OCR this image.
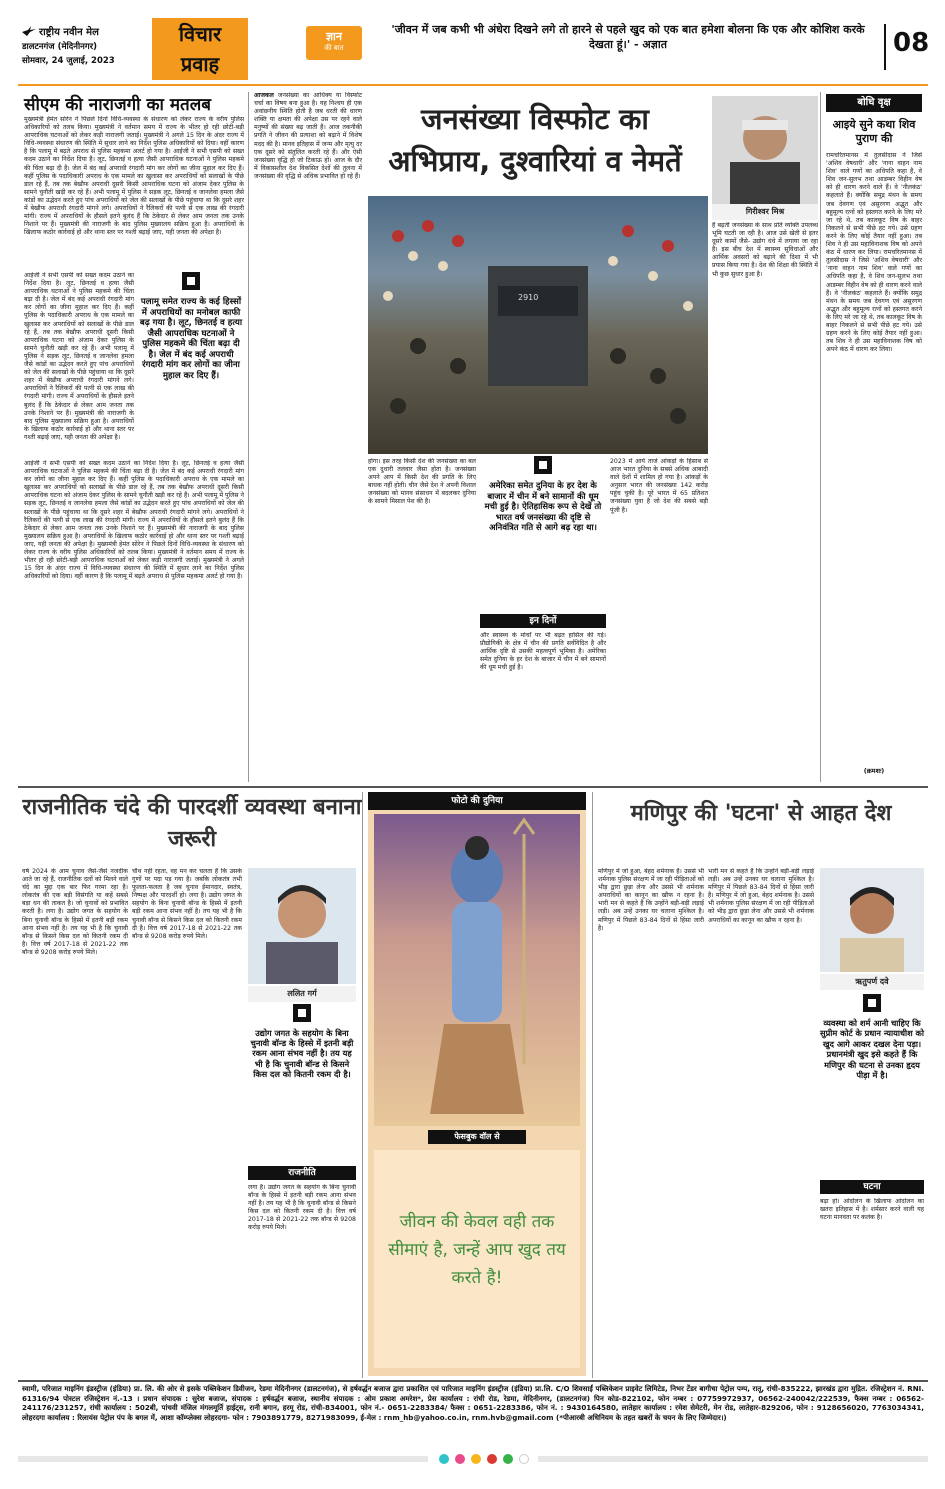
राष्ट्रीय नवीन मेल
डालटनगंज (मेदिनीनगर)
सोमवार, 24 जुलाई, 2023
विचार
प्रवाह
ज्ञान
की बात
'जीवन में जब कभी भी अंधेरा दिखने लगे तो हारने से पहले खुद को एक बात हमेशा बोलना कि एक और कोशिश करके देखता हूं।' - अज्ञात	08
सीएम की नाराजगी का मतलब
मुख्यमंत्री हेमंत सोरेन ने पिछले दिनों विधि-व्यवस्था के संधारण को लेकर राज्य के वरीय पुलिस अधिकारियों को तलब किया। मुख्यमंत्री ने वर्तमान समय में राज्य के भीतर हो रही छोटी-बड़ी आपराधिक घटनाओं को लेकर कड़ी नाराजगी जताई। मुख्यमंत्री ने अगले 15 दिन के अंदर राज्य में विधि-व्यवस्था संधारण की स्थिति में सुधार लाने का निर्देश पुलिस अधिकारियों को दिया। वहीं कारण है कि पलामू में बढ़ते अपराध से पुलिस महकमा अलर्ट हो गया है। आईजी ने सभी एसपी को सख्त कदम उठाने का निर्देश दिया है। लूट, छिनतई व हत्या जैसी आपराधिक घटनाओं ने पुलिस महकमे की चिंता बढ़ा दी है। जेल में बंद कई अपराधी रंगदारी मांग कर लोगों का जीना मुहाल कर दिए हैं। कहीं पुलिस के पदाधिकारी अपराध के एक मामले का खुलासा कर अपराधियों को सलाखों के पीछे डाल रहे हैं, तब तक बेखौफ अपराधी दूसरी किसी आपराधिक घटना को अंजाम देकर पुलिस के सामने चुनौती खड़ी कर रहे हैं। अभी पलामू में पुलिस ने सड़क लूट, छिनतई व जानलेवा हमला जैसे कांडों का उद्भेदन करते हुए पांच अपराधियों को जेल की सलाखों के पीछे पहुंचाया था कि दूसरे शहर में बेखौफ अपराधी रंगदारी मांगने लगे। अपराधियों ने रैलिकरों की पत्नी से एक लाख की रंगदारी मांगी। राज्य में अपराधियों के हौसले इतने बुलंद हैं कि ठेकेदार से लेकर आम जनता तक उनके निशाने पर हैं। मुख्यमंत्री की नाराजगी के बाद पुलिस मुख्यालय सक्रिय हुआ है। अपराधियों के खिलाफ कठोर कार्रवाई हो और थाना स्तर पर गश्ती बढ़ाई जाए, यही जनता की अपेक्षा है।
आईजी ने सभी एसपी को सख्त कदम उठाने का निर्देश दिया है। लूट, छिनतई व हत्या जैसी आपराधिक घटनाओं ने पुलिस महकमे की चिंता बढ़ा दी है। जेल में बंद कई अपराधी रंगदारी मांग कर लोगों का जीना मुहाल कर दिए हैं। कहीं पुलिस के पदाधिकारी अपराध के एक मामले का खुलासा कर अपराधियों को सलाखों के पीछे डाल रहे हैं, तब तक बेखौफ अपराधी दूसरी किसी आपराधिक घटना को अंजाम देकर पुलिस के सामने चुनौती खड़ी कर रहे हैं। अभी पलामू में पुलिस ने सड़क लूट, छिनतई व जानलेवा हमला जैसे कांडों का उद्भेदन करते हुए पांच अपराधियों को जेल की सलाखों के पीछे पहुंचाया था कि दूसरे शहर में बेखौफ अपराधी रंगदारी मांगने लगे। अपराधियों ने रैलिकरों की पत्नी से एक लाख की रंगदारी मांगी। राज्य में अपराधियों के हौसले इतने बुलंद हैं कि ठेकेदार से लेकर आम जनता तक उनके निशाने पर हैं। मुख्यमंत्री की नाराजगी के बाद पुलिस मुख्यालय सक्रिय हुआ है। अपराधियों के खिलाफ कठोर कार्रवाई हो और थाना स्तर पर गश्ती बढ़ाई जाए, यही जनता की अपेक्षा है।
पलामू समेत राज्य के कई हिस्सों में अपराधियों का मनोबल काफी बढ़ गया है। लूट, छिनतई व हत्या जैसी आपराधिक घटनाओं ने पुलिस महकमे की चिंता बढ़ा दी है। जेल में बंद कई अपराधी रंगदारी मांग कर लोगों का जीना मुहाल कर दिए हैं।
आईजी ने सभी एसपी को सख्त कदम उठाने का निर्देश दिया है। लूट, छिनतई व हत्या जैसी आपराधिक घटनाओं ने पुलिस महकमे की चिंता बढ़ा दी है। जेल में बंद कई अपराधी रंगदारी मांग कर लोगों का जीना मुहाल कर दिए हैं। कहीं पुलिस के पदाधिकारी अपराध के एक मामले का खुलासा कर अपराधियों को सलाखों के पीछे डाल रहे हैं, तब तक बेखौफ अपराधी दूसरी किसी आपराधिक घटना को अंजाम देकर पुलिस के सामने चुनौती खड़ी कर रहे हैं। अभी पलामू में पुलिस ने सड़क लूट, छिनतई व जानलेवा हमला जैसे कांडों का उद्भेदन करते हुए पांच अपराधियों को जेल की सलाखों के पीछे पहुंचाया था कि दूसरे शहर में बेखौफ अपराधी रंगदारी मांगने लगे। अपराधियों ने रैलिकरों की पत्नी से एक लाख की रंगदारी मांगी। राज्य में अपराधियों के हौसले इतने बुलंद हैं कि ठेकेदार से लेकर आम जनता तक उनके निशाने पर हैं। मुख्यमंत्री की नाराजगी के बाद पुलिस मुख्यालय सक्रिय हुआ है। अपराधियों के खिलाफ कठोर कार्रवाई हो और थाना स्तर पर गश्ती बढ़ाई जाए, यही जनता की अपेक्षा है। मुख्यमंत्री हेमंत सोरेन ने पिछले दिनों विधि-व्यवस्था के संधारण को लेकर राज्य के वरीय पुलिस अधिकारियों को तलब किया। मुख्यमंत्री ने वर्तमान समय में राज्य के भीतर हो रही छोटी-बड़ी आपराधिक घटनाओं को लेकर कड़ी नाराजगी जताई। मुख्यमंत्री ने अगले 15 दिन के अंदर राज्य में विधि-व्यवस्था संधारण की स्थिति में सुधार लाने का निर्देश पुलिस अधिकारियों को दिया। वहीं कारण है कि पलामू में बढ़ते अपराध से पुलिस महकमा अलर्ट हो गया है।
आजकल जनसंख्या का आधिक्य या विस्फोट चर्चा का विषय बना हुआ है। यह निश्चय ही एक अवांछनीय स्थिति होती है जब धरती की धारण शक्ति या क्षमता की अपेक्षा उस पर रहने वाले मनुष्यों की संख्या बढ़ जाती है। आज तकनीकी प्रगति ने जीवन की प्रत्याशा को बढ़ाने में विशेष मदद की है। मानव इतिहास में जन्म और मृत्यु दर एक दूसरे को संतुलित करती रहे हैं। और ऐसी जनसंख्या वृद्धि हो जो टिकाऊ हो। आज के दौर में विकासशील देश विकसित देशों की तुलना में जनसंख्या की वृद्धि से अधिक प्रभावित हो रहे हैं।
जनसंख्या विस्फोट का अभिप्राय, दुश्वारियां व नेमतें
2910
गिरीश्वर मिश्र
हैं बढ़ती जनसंख्या के साथ प्रति व्यक्ति उपलब्ध भूमि घटती जा रही है। आज उसे खेती से इतर दूसरे कामों जैसे- उद्योग धंधे में लगाया जा रहा है। इस बीच देश में स्वास्थ्य सुविधाओं और आर्थिक अवसरों को बढ़ाने की दिशा में भी प्रयास किया गया है। देश की शिक्षा की स्थिति में भी कुछ सुधार हुआ है।
अमेरिका समेत दुनिया के हर देश के बाजार में चीन में बने सामानों की धूम मची हुई है। ऐतिहासिक रूप से देखें तो भारत वर्ष जनसंख्या की दृष्टि से अनिवंत्रित गति से आगे बढ़ रहा था।
इन दिनों
होगा। इस तरह किसी देश की जनसंख्या का बल एक दुधारी तलवार जैसा होता है। जनसंख्या अपने आप में किसी देश की प्रगति के लिए बाधक नहीं होती। चीन जैसे देश ने अपनी विशाल जनसंख्या को मानव संसाधन में बदलकर दुनिया के सामने मिसाल पेश की है।
और स्वास्थ्य के मोर्चों पर भी बढ़त हासिल की गई। प्रौद्योगिकी के क्षेत्र में चीन की प्रगति सर्वविदित है और आर्थिक दृष्टि से उसकी महत्वपूर्ण भूमिका है। अमेरिका समेत दुनिया के हर देश के बाजार में चीन में बने सामानों की धूम मची हुई है।
2023 में आये ताजे आंकड़ों के हिसाब से आज भारत दुनिया के सबसे अधिक आबादी वाले देशों में शामिल हो गया है। आंकड़ों के अनुसार भारत की जनसंख्या 142 करोड़ पहुंच चुकी है। पूरे भारत में 65 प्रतिशत जनसंख्या युवा है जो देश की सबसे बड़ी पूंजी है।
बोधि वृक्ष
आइये सुने कथा शिव पुराण की
रामचरितमानस में तुलसीदास ने जिसे 'अशिव वेषधारी' और 'नाना वाहन नाम शिव' वाले गणों का अधिपति कहा है, वे शिव जन-सुलभ तथा आडम्बर विहीन वेष को ही धारण करने वाले हैं। वे 'नीलकंठ' कहलाते हैं। क्योंकि समुद्र मंथन के समय जब देवगण एवं असुरगण अद्भुत और बहुमूल्य रत्नों को हस्तगत करने के लिए मरे जा रहे थे, तब कालकूट विष के बाहर निकलने से सभी पीछे हट गये। उसे ग्रहण करने के लिए कोई तैयार नहीं हुआ। तब शिव ने ही उस महाविनाशक विष को अपने कंठ में धारण कर लिया। रामचरितमानस में तुलसीदास ने जिसे 'अशिव वेषधारी' और 'नाना वाहन नाम शिव' वाले गणों का अधिपति कहा है, वे शिव जन-सुलभ तथा आडम्बर विहीन वेष को ही धारण करने वाले हैं। वे 'नीलकंठ' कहलाते हैं। क्योंकि समुद्र मंथन के समय जब देवगण एवं असुरगण अद्भुत और बहुमूल्य रत्नों को हस्तगत करने के लिए मरे जा रहे थे, तब कालकूट विष के बाहर निकलने से सभी पीछे हट गये। उसे ग्रहण करने के लिए कोई तैयार नहीं हुआ। तब शिव ने ही उस महाविनाशक विष को अपने कंठ में धारण कर लिया।
(क्रमशः)
राजनीतिक चंदे की पारदर्शी व्यवस्था बनाना जरूरी
वर्ष 2024 के आम चुनाव जैसे-जैसे नजदीक आते जा रहे हैं, राजनीतिक दलों को मिलने वाले चंदे का मुद्दा एक बार फिर गरमा रहा है। लोकतंत्र की एक बड़ी विसंगति या कहें सबसे बड़ा धन की ताकत है। जो चुनावों को प्रभावित करती है। लगा है। उद्योग जगत के सहयोग के बिना चुनावी बॉन्ड के हिस्से में इतनी बड़ी रकम आना संभव नहीं है। तय यह भी है कि चुनावी बॉन्ड से किसने किस दल को कितनी रकम दी है। वित्त वर्ष 2017-18 से 2021-22 तक बॉन्ड से 9208 करोड़ रुपये मिले।
चौथ नहीं रहता, वह मन कर चलता है कि उसके गुणों पर पदा पड़ गया है। जबकि लोकतंत्र तभी फूलता-फलता है जब चुनाव ईमानदार, स्वतंत्र, निष्पक्ष और पारदर्शी हो। लगा है। उद्योग जगत के सहयोग के बिना चुनावी बॉन्ड के हिस्से में इतनी बड़ी रकम आना संभव नहीं है। तय यह भी है कि चुनावी बॉन्ड से किसने किस दल को कितनी रकम दी है। वित्त वर्ष 2017-18 से 2021-22 तक बॉन्ड से 9208 करोड़ रुपये मिले।
ललित गर्ग
उद्योग जगत के सहयोग के बिना चुनावी बॉन्ड के हिस्से में इतनी बड़ी रकम आना संभव नहीं है। तय यह भी है कि चुनावी बॉन्ड से किसने किस दल को कितनी रकम दी है।
राजनीति
लगा है। उद्योग जगत के सहयोग के बिना चुनावी बॉन्ड के हिस्से में इतनी बड़ी रकम आना संभव नहीं है। तय यह भी है कि चुनावी बॉन्ड से किसने किस दल को कितनी रकम दी है। वित्त वर्ष 2017-18 से 2021-22 तक बॉन्ड से 9208 करोड़ रुपये मिले।
फोटो की दुनिया
फेसबुक वॉल से
जीवन की केवल वही तक सीमाएं है, जन्हें आप खुद तय करते है!
मणिपुर की 'घटना' से आहत देश
मणिपुर में जो हुआ, बेहद शर्मनाक है। उससे भी शर्मनाक पुलिस संरक्षण में जा रही पीड़िताओं को भीड़ द्वारा छुड़ा लेना और उससे भी शर्मनाक अपराधियों का कानून का खौफ न रहना है। भारी मन से कहते हैं कि उन्होंने बड़ी-बड़ी लड़ाई लड़ी। अब उन्हें उनका घर चलाना मुश्किल है। मणिपुर में पिछले 83-84 दिनों से हिंसा जारी है।
भारी मन से कहते हैं कि उन्होंने बड़ी-बड़ी लड़ाई लड़ी। अब उन्हें उनका घर चलाना मुश्किल है। मणिपुर में पिछले 83-84 दिनों से हिंसा जारी है। मणिपुर में जो हुआ, बेहद शर्मनाक है। उससे भी शर्मनाक पुलिस संरक्षण में जा रही पीड़िताओं को भीड़ द्वारा छुड़ा लेना और उससे भी शर्मनाक अपराधियों का कानून का खौफ न रहना है।
ऋतुपर्ण दवे
व्यवस्था को शर्म आनी चाहिए कि सुप्रीम कोर्ट के प्रधान न्यायाधीश को खुद आगे आकर दखल देना पड़ा। प्रधानमंत्री खुद इसे कहते हैं कि मणिपुर की घटना से उनका हृदय पीड़ा में है।
घटना
बढ़ा हो। आंदोलन के खिलाफ आंदोलन का खतरा इतिहास में है। शर्मसार करने वाली यह घटना मानवता पर कलंक है।
स्वामी, परिजात माइनिंग इंडस्ट्रीज (इंडिया) प्रा. लि. की ओर से इसके पब्लिकेशन डिवीजन, रेडमा मेदिनीनगर (डालटनगंज), से हर्षवर्द्धन बजाज द्वारा प्रकाशित एवं पारिजात माइनिंग इंडस्ट्रीज (इंडिया) प्रा.लि. C/O शिवसाईं पब्लिकेशन प्राइवेट लिमिटेड, निभर टेंडर बागीचा पेट्रोल पम्प, रातू, रांची-835222, झारखंड द्वारा मुद्रित. रजिस्ट्रेशन नं. RNI. 61316/94 पोस्टल रजिस्ट्रेशन नं.-13 । प्रधान संपादक : सुरेश बजाज, संपादक : हर्षवर्द्धन बजाज, स्थानीय संपादक : ओम प्रकाश अमरेश*, प्रेस कार्यालय : रांची रोड, रेडमा, मेदिनीनगर, (डालटनगंज) पिन कोड-822102, फोन नम्बर : 07759972937, 06562-240042/222539, फैक्स नम्बर : 06562-241176/231257, रांची कार्यालय : 502बी, पांचवी मंजिल मंगलमूर्ति हाईट्स, रानी बगान, हरमू रोड, रांची-834001, फोन नं.- 0651-2283384/ फैक्स : 0651-2283386, फोन नं. : 9430164580, लातेहार कार्यालय : रमेश सेमेटरी, मेन रोड, लातेहार-829206, फोन : 9128656020, 7763034341, लोहरदगा कार्यालय : रिलायंस पेट्रोल पंप के बगल में, आशा कॉम्प्लेक्स लोहरदगा- फोन : 7903891779, 8271983099, ई-मेल : rnm_hb@yahoo.co.in, rnm.hvb@gmail.com (*पीआरबी अधिनियम के तहत खबरों के चयन के लिए जिम्मेदार।)
